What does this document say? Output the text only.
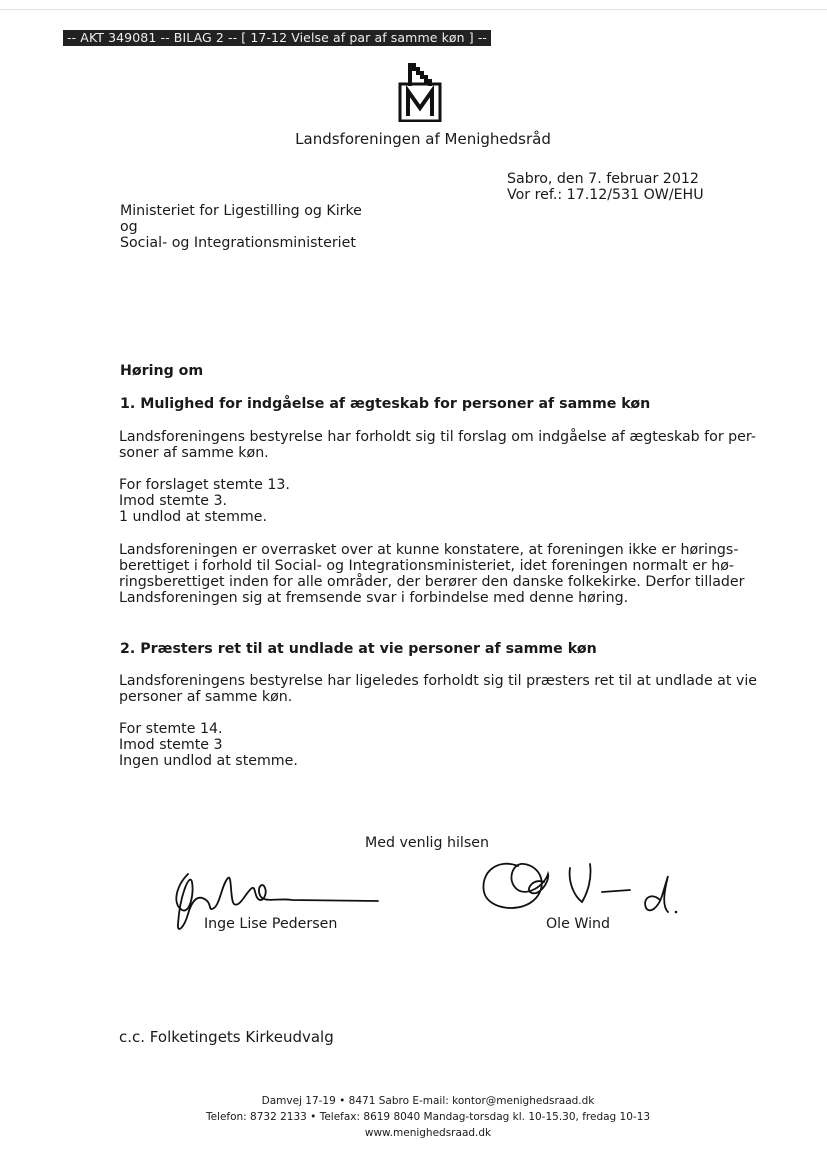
-- AKT 349081 -- BILAG 2 -- [ 17-12 Vielse af par af samme køn ] --
Landsforeningen af Menighedsråd
Sabro, den 7. februar 2012
Vor ref.: 17.12/531 OW/EHU
Ministeriet for Ligestilling og Kirke
og
Social- og Integrationsministeriet
Høring om
1. Mulighed for indgåelse af ægteskab for personer af samme køn
Landsforeningens bestyrelse har forholdt sig til forslag om indgåelse af ægteskab for per-
soner af samme køn.
For forslaget stemte 13.
Imod stemte 3.
1 undlod at stemme.
Landsforeningen er overrasket over at kunne konstatere, at foreningen ikke er hørings-
berettiget i forhold til Social- og Integrationsministeriet, idet foreningen normalt er hø-
ringsberettiget inden for alle områder, der berører den danske folkekirke. Derfor tillader
Landsforeningen sig at fremsende svar i forbindelse med denne høring.
2. Præsters ret til at undlade at vie personer af samme køn
Landsforeningens bestyrelse har ligeledes forholdt sig til præsters ret til at undlade at vie
personer af samme køn.
For stemte 14.
Imod stemte 3
Ingen undlod at stemme.
Med venlig hilsen
Inge Lise Pedersen	Ole Wind
c.c. Folketingets Kirkeudvalg
Damvej 17-19 • 8471 Sabro E-mail: kontor@menighedsraad.dk
Telefon: 8732 2133 • Telefax: 8619 8040 Mandag-torsdag kl. 10-15.30, fredag 10-13
www.menighedsraad.dk
